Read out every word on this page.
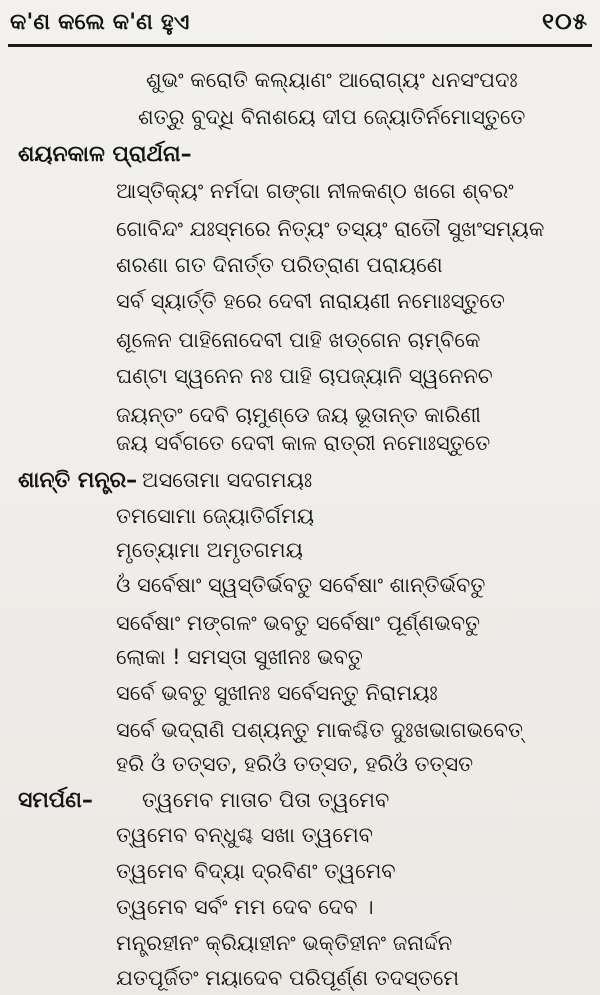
କ'ଣ କଲେ କ'ଣ ହୁଏ	୧୦୫
ଶୁଭଂ କରୋତି କଲ୍ୟାଣଂ ଆରୋଗ୍ୟଂ ଧନସଂପଦଃ
ଶତ୍ରୁ ବୁଦ୍ଧି ବିନାଶୟେ ଦୀପ ଜ୍ୟୋତିର୍ନମୋସ୍ତୁତେ
ଶୟନକାଳ ପ୍ରାର୍ଥନା–
ଆସ୍ତିକ୍ୟଂ ନର୍ମଦା ଗଙ୍ଗା ନୀଳକଣ୍ଠ ଖଗେ ଶ୍ବରଂ
ଗୋବିନ୍ଦଂ ଯଃସ୍ମରେ ନିତ୍ୟଂ ତସ୍ୟଂ ରାତୌ ସୁଖଂସମ୍ୟକ
ଶରଣା ଗତ ଦିନାର୍ତ୍ତ ପରିତ୍ରାଣ ପରାୟଣେ
ସର୍ବ ସ୍ୟାର୍ତ୍ତି ହରେ ଦେବୀ ନାରାୟଣୀ ନମୋଃସ୍ତୁତେ
ଶୂଳେନ ପାହିନୋଦେବୀ ପାହି ଖଡ୍ଗେନ ଚାମ୍ବିକେ
ଘଣ୍ଟା ସ୍ୱନେନ ନଃ ପାହି ଚାପଜ୍ୟାନି ସ୍ୱନେନଚ
ଜୟନ୍ତଂ ଦେବି ଚାମୁଣ୍ଡେ ଜୟ ଭୂତାନ୍ତ କାରିଣୀ
ଜୟ ସର୍ବଗତେ ଦେବୀ କାଳ ରାତ୍ରୀ ନମୋଃସ୍ତୁତେ
ଶାନ୍ତି ମନ୍ତ୍ର– ଅସତୋମା ସଦଗମୟଃ
ତମସୋମା ଜ୍ୟୋତିର୍ଗମୟ
ମୃତ୍ୟୋମା ଅମୃତଗମୟ
ଓଁ ସର୍ବେଷାଂ ସ୍ୱସ୍ତିର୍ଭବତୁ ସର୍ବେଷାଂ ଶାନ୍ତିର୍ଭବତୁ
ସର୍ବେଷାଂ ମଙ୍ଗଳଂ ଭବତୁ ସର୍ବେଷାଂ ପୂର୍ଣ୍ଣଭବତୁ
ଲୋକା ! ସମସ୍ତା ସୁଖୀନଃ ଭବତୁ
ସର୍ବେ ଭବତୁ ସୁଖୀନଃ ସର୍ବେସନ୍ତୁ ନିରାମୟଃ
ସର୍ବେ ଭଦ୍ରାଣି ପଶ୍ୟନ୍ତୁ ମାକଶ୍ଚିତ ଦୁଃଖଭାଗଭବେତ୍
ହରି ଓଁ ତତ୍‌ସତ, ହରିଓଁ ତତ୍‌ସତ, ହରିଓଁ ତତ୍‌ସତ
ସମର୍ପଣ– ତ୍ୱମେବ ମାତାଚ ପିତା ତ୍ୱମେବ
ତ୍ୱମେବ ବନ୍ଧୁଶ୍ଚ ସଖା ତ୍ୱମେବ
ତ୍ୱମେବ ବିଦ୍ୟା ଦ୍ରବିଣଂ ତ୍ୱମେବ
ତ୍ୱମେବ ସର୍ବଂ ମମ ଦେବ ଦେବ ।
ମନ୍ତ୍ରହୀନଂ କ୍ରିୟାହୀନଂ ଭକ୍ତିହୀନଂ ଜନାର୍ଦ୍ଦନ
ଯତପୂର୍ଜିତଂ ମୟାଦେବ ପରିପୂର୍ଣ୍ଣ ତଦସ୍ତମେ
